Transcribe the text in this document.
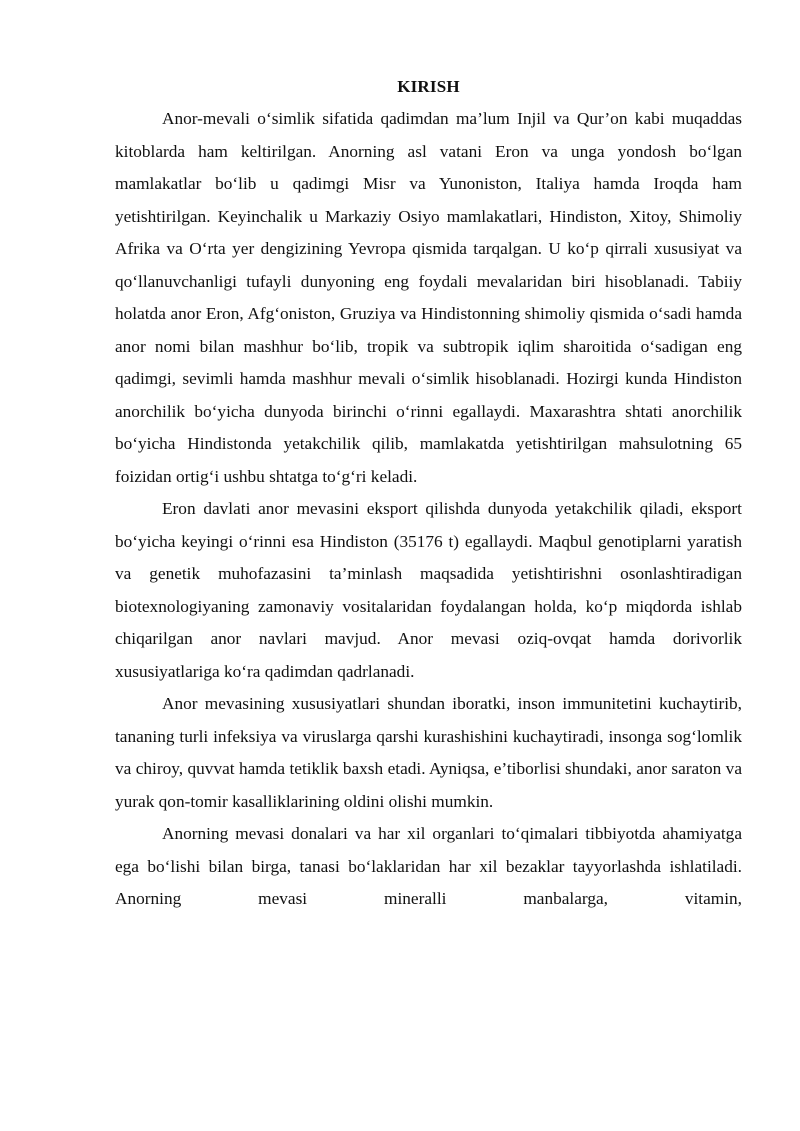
KIRISH

Anor-mevali o‘simlik sifatida qadimdan ma’lum Injil va Qur’on kabi muqaddas kitoblarda ham keltirilgan. Anorning asl vatani Eron va unga yondosh bo‘lgan mamlakatlar bo‘lib u qadimgi Misr va Yunoniston, Italiya hamda Iroqda ham yetishtirilgan. Keyinchalik u Markaziy Osiyo mamlakatlari, Hindiston, Xitoy, Shimoliy Afrika va O‘rta yer dengizining Yevropa qismida tarqalgan. U ko‘p qirrali xususiyat va qo‘llanuvchanligi tufayli dunyoning eng foydali mevalaridan biri hisoblanadi. Tabiiy holatda anor Eron, Afg‘oniston, Gruziya va Hindistonning shimoliy qismida o‘sadi hamda anor nomi bilan mashhur bo‘lib, tropik va subtropik iqlim sharoitida o‘sadigan eng qadimgi, sevimli hamda mashhur mevali o‘simlik hisoblanadi. Hozirgi kunda Hindiston anorchilik bo‘yicha dunyoda birinchi o‘rinni egallaydi. Maxarashtra shtati anorchilik bo‘yicha Hindistonda yetakchilik qilib, mamlakatda yetishtirilgan mahsulotning 65 foizidan ortig‘i ushbu shtatga to‘g‘ri keladi.

Eron davlati anor mevasini eksport qilishda dunyoda yetakchilik qiladi, eksport bo‘yicha keyingi o‘rinni esa Hindiston (35176 t) egallaydi. Maqbul genotiplarni yaratish va genetik muhofazasini ta’minlash maqsadida yetishtirishni osonlashtiradigan biotexnologiyaning zamonaviy vositalaridan foydalangan holda, ko‘p miqdorda ishlab chiqarilgan anor navlari mavjud. Anor mevasi oziq-ovqat hamda dorivorlik xususiyatlariga ko‘ra qadimdan qadrlanadi.

Anor mevasining xususiyatlari shundan iboratki, inson immunitetini kuchaytirib, tananing turli infeksiya va viruslarga qarshi kurashishini kuchaytiradi, insonga sog‘lomlik va chiroy, quvvat hamda tetiklik baxsh etadi. Ayniqsa, e’tiborlisi shundaki, anor saraton va yurak qon-tomir kasalliklarining oldini olishi mumkin.

Anorning mevasi donalari va har xil organlari to‘qimalari tibbiyotda ahamiyatga ega bo‘lishi bilan birga, tanasi bo‘laklaridan har xil bezaklar tayyorlashda ishlatiladi. Anorning mevasi mineralli manbalarga, vitamin,
